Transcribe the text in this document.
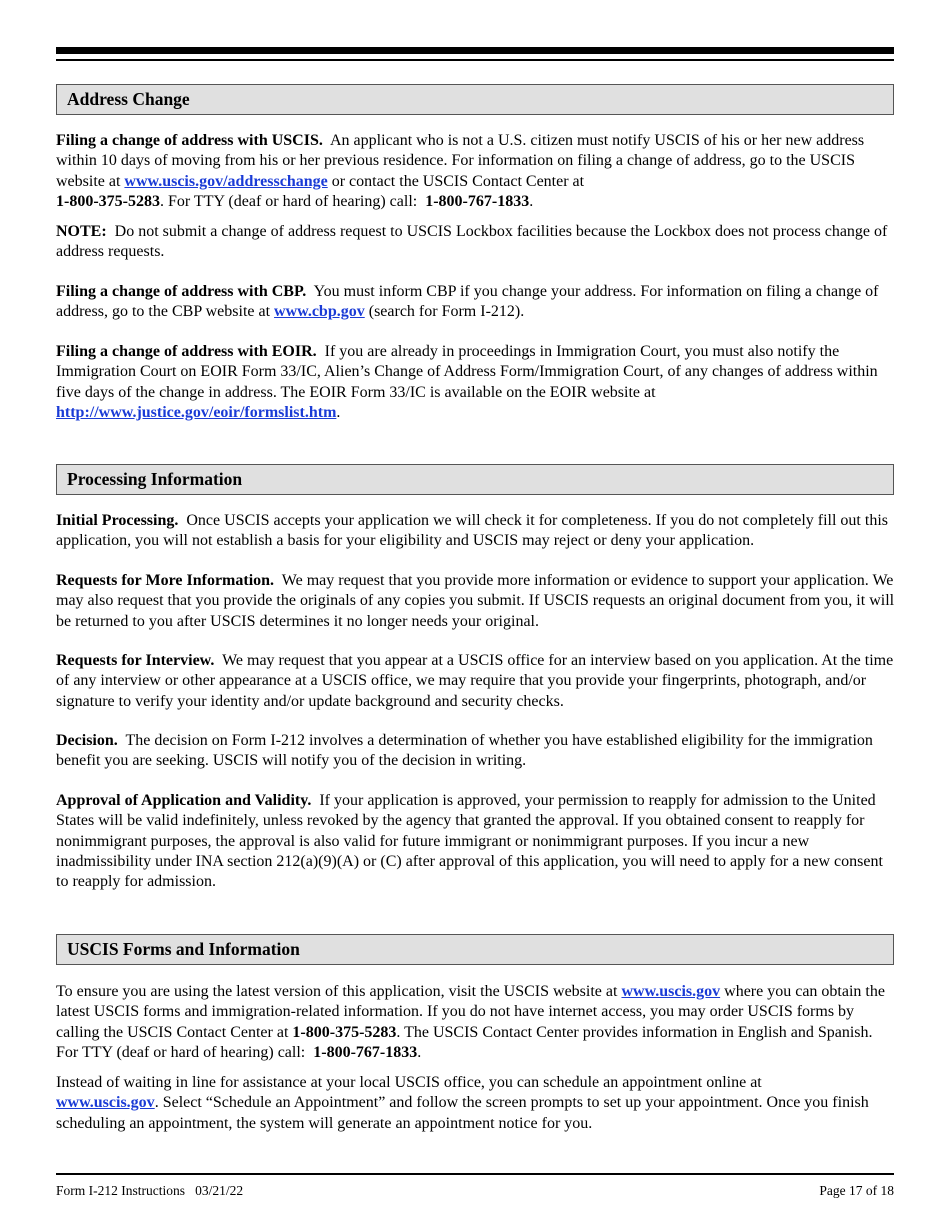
Address Change

Filing a change of address with USCIS. An applicant who is not a U.S. citizen must notify USCIS of his or her new address within 10 days of moving from his or her previous residence. For information on filing a change of address, go to the USCIS website at www.uscis.gov/addresschange or contact the USCIS Contact Center at
1-800-375-5283. For TTY (deaf or hard of hearing) call: 1-800-767-1833.

NOTE: Do not submit a change of address request to USCIS Lockbox facilities because the Lockbox does not process change of address requests.

Filing a change of address with CBP. You must inform CBP if you change your address. For information on filing a change of address, go to the CBP website at www.cbp.gov (search for Form I-212).

Filing a change of address with EOIR. If you are already in proceedings in Immigration Court, you must also notify the Immigration Court on EOIR Form 33/IC, Alien’s Change of Address Form/Immigration Court, of any changes of address within five days of the change in address. The EOIR Form 33/IC is available on the EOIR website at
http://www.justice.gov/eoir/formslist.htm.

Processing Information

Initial Processing. Once USCIS accepts your application we will check it for completeness. If you do not completely fill out this application, you will not establish a basis for your eligibility and USCIS may reject or deny your application.

Requests for More Information. We may request that you provide more information or evidence to support your application. We may also request that you provide the originals of any copies you submit. If USCIS requests an original document from you, it will be returned to you after USCIS determines it no longer needs your original.

Requests for Interview. We may request that you appear at a USCIS office for an interview based on you application. At the time of any interview or other appearance at a USCIS office, we may require that you provide your fingerprints, photograph, and/or signature to verify your identity and/or update background and security checks.

Decision. The decision on Form I-212 involves a determination of whether you have established eligibility for the immigration benefit you are seeking. USCIS will notify you of the decision in writing.

Approval of Application and Validity. If your application is approved, your permission to reapply for admission to the United States will be valid indefinitely, unless revoked by the agency that granted the approval. If you obtained consent to reapply for nonimmigrant purposes, the approval is also valid for future immigrant or nonimmigrant purposes. If you incur a new inadmissibility under INA section 212(a)(9)(A) or (C) after approval of this application, you will need to apply for a new consent to reapply for admission.

USCIS Forms and Information

To ensure you are using the latest version of this application, visit the USCIS website at www.uscis.gov where you can obtain the latest USCIS forms and immigration-related information. If you do not have internet access, you may order USCIS forms by calling the USCIS Contact Center at 1-800-375-5283. The USCIS Contact Center provides information in English and Spanish. For TTY (deaf or hard of hearing) call: 1-800-767-1833.

Instead of waiting in line for assistance at your local USCIS office, you can schedule an appointment online at
www.uscis.gov. Select “Schedule an Appointment” and follow the screen prompts to set up your appointment. Once you finish scheduling an appointment, the system will generate an appointment notice for you.

Form I-212 Instructions   03/21/22	Page 17 of 18
